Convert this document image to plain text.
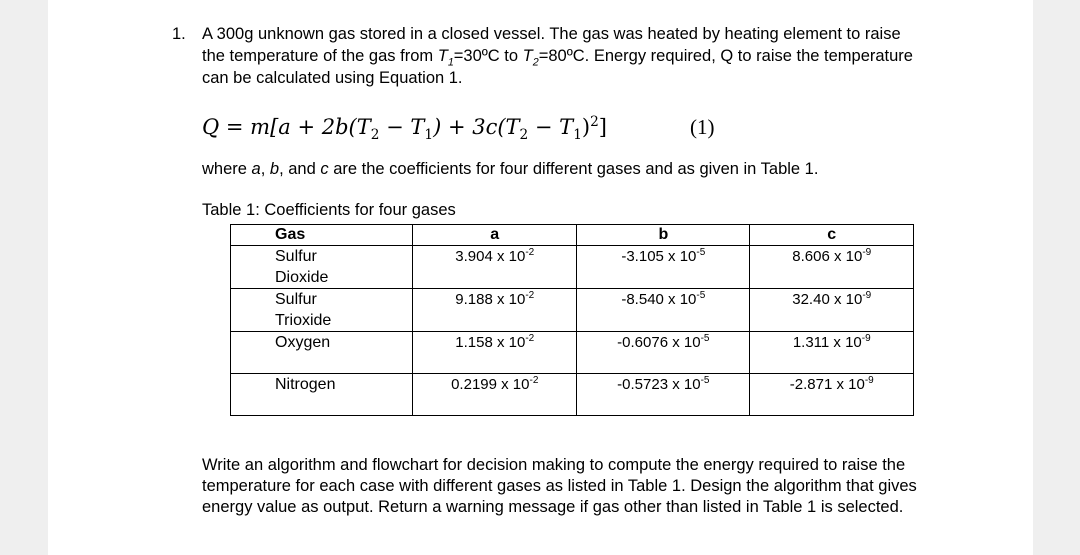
1. A 300g unknown gas stored in a closed vessel. The gas was heated by heating element to raise the temperature of the gas from $T_1=30ºC$ to $T_2=80ºC$. Energy required, Q to raise the temperature can be calculated using Equation 1.
$Q = m[a + 2b(T_2 - T_1) + 3c(T_2 - T_1)^2]$	(1)
where a, b, and c are the coefficients for four different gases and as given in Table 1.
Table 1: Coefficients for four gases
Gas	a	b	c
Sulfur
Dioxide	3.904 x $10^{-2}$	-3.105 x $10^{-5}$	8.606 x $10^{-9}$
Sulfur
Trioxide	9.188 x $10^{-2}$	-8.540 x $10^{-5}$	32.40 x $10^{-9}$
Oxygen	1.158 x $10^{-2}$	-0.6076 x $10^{-5}$	1.311 x $10^{-9}$
Nitrogen	0.2199 x $10^{-2}$	-0.5723 x $10^{-5}$	-2.871 x $10^{-9}$
Write an algorithm and flowchart for decision making to compute the energy required to raise the temperature for each case with different gases as listed in Table 1. Design the algorithm that gives energy value as output. Return a warning message if gas other than listed in Table 1 is selected.
